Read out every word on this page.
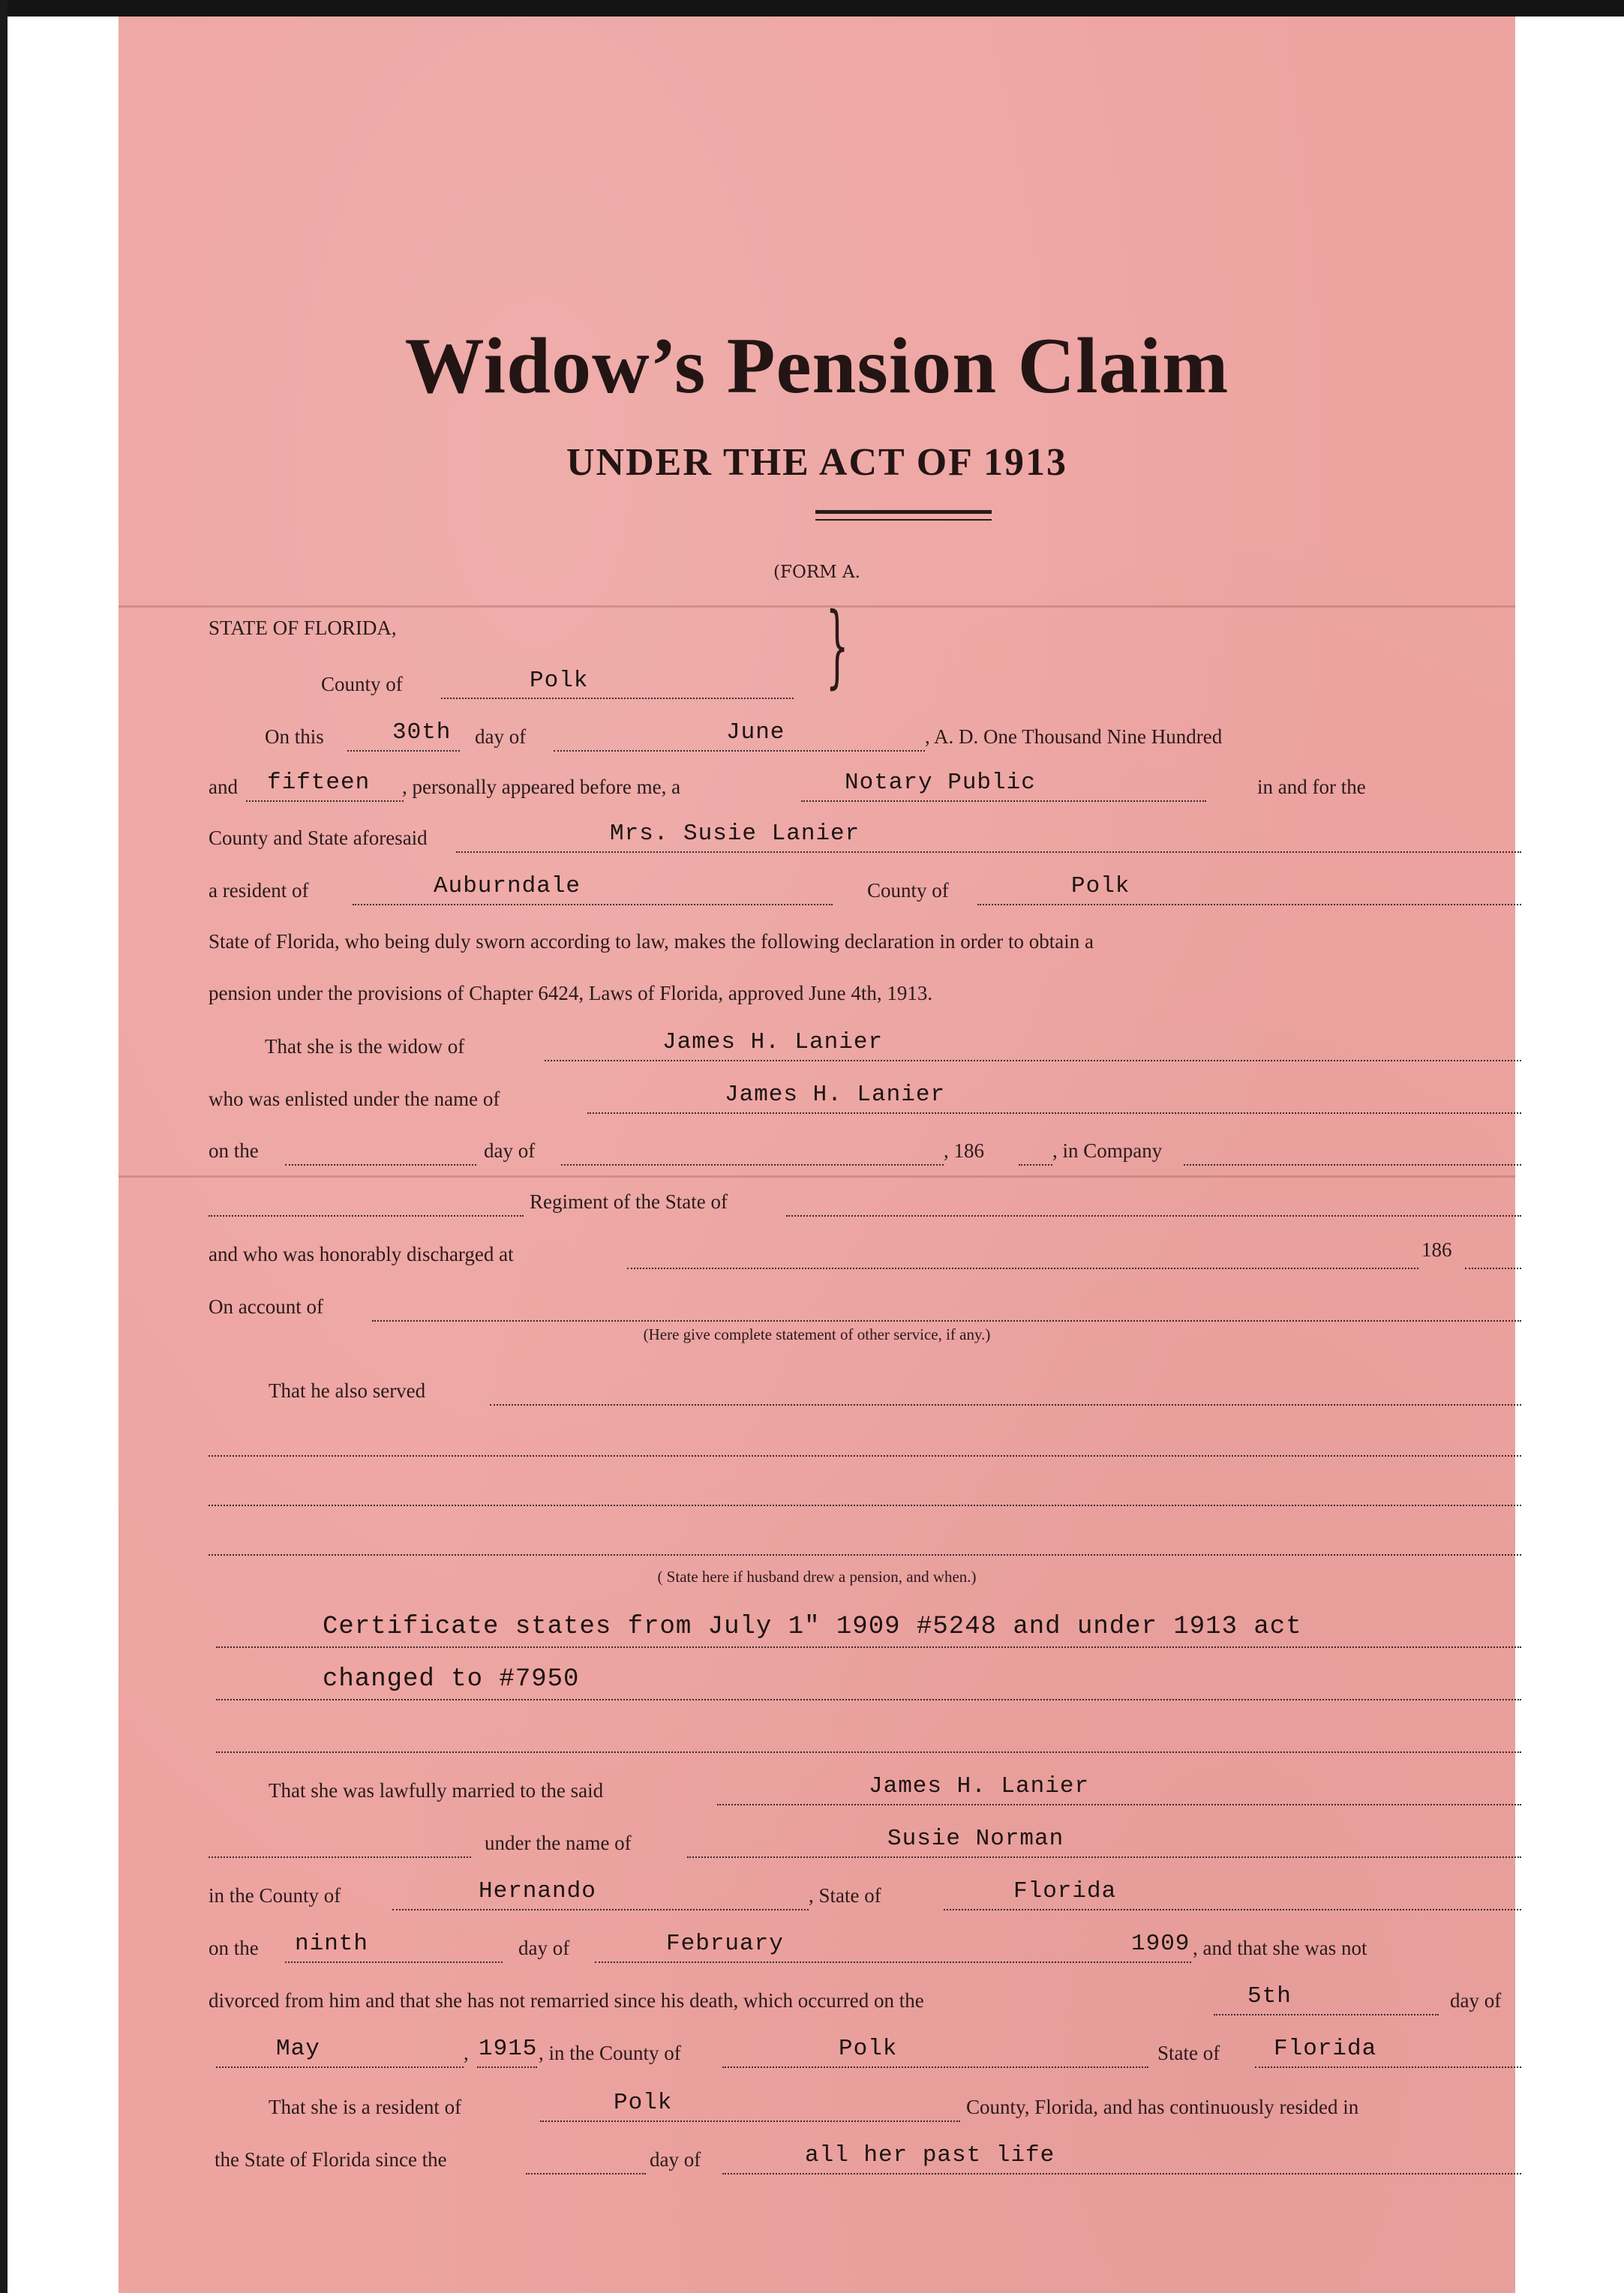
Widow’s Pension Claim
UNDER THE ACT OF 1913
(FORM A.
STATE OF FLORIDA,	}
County of	Polk
On this	30th day of	June	, A. D. One Thousand Nine Hundred
and fifteen , personally appeared before me, a	Notary Public	in and for the
County and State aforesaid	Mrs. Susie Lanier
a resident of	Auburndale	County of	Polk
State of Florida, who being duly sworn according to law, makes the following declaration in order to obtain a
pension under the provisions of Chapter 6424, Laws of Florida, approved June 4th, 1913.
That she is the widow of	James H. Lanier
who was enlisted under the name of	James H. Lanier
on the	day of	, 186	, in Company
Regiment of the State of
and who was honorably discharged at	186
On account of
(Here give complete statement of other service, if any.)
That he also served
( State here if husband drew a pension, and when.)
Certificate states from July 1" 1909 #5248 and under 1913 act
changed to #7950
That she was lawfully married to the said	James H. Lanier
under the name of	Susie Norman
in the County of	Hernando	, State of	Florida
on the ninth	day of	February	1909 , and that she was not
divorced from him and that she has not remarried since his death, which occurred on the	5th	day of
May	, 1915 , in the County of	Polk	State of Florida
That she is a resident of	Polk	County, Florida, and has continuously resided in
the State of Florida since the	day of	all her past life
